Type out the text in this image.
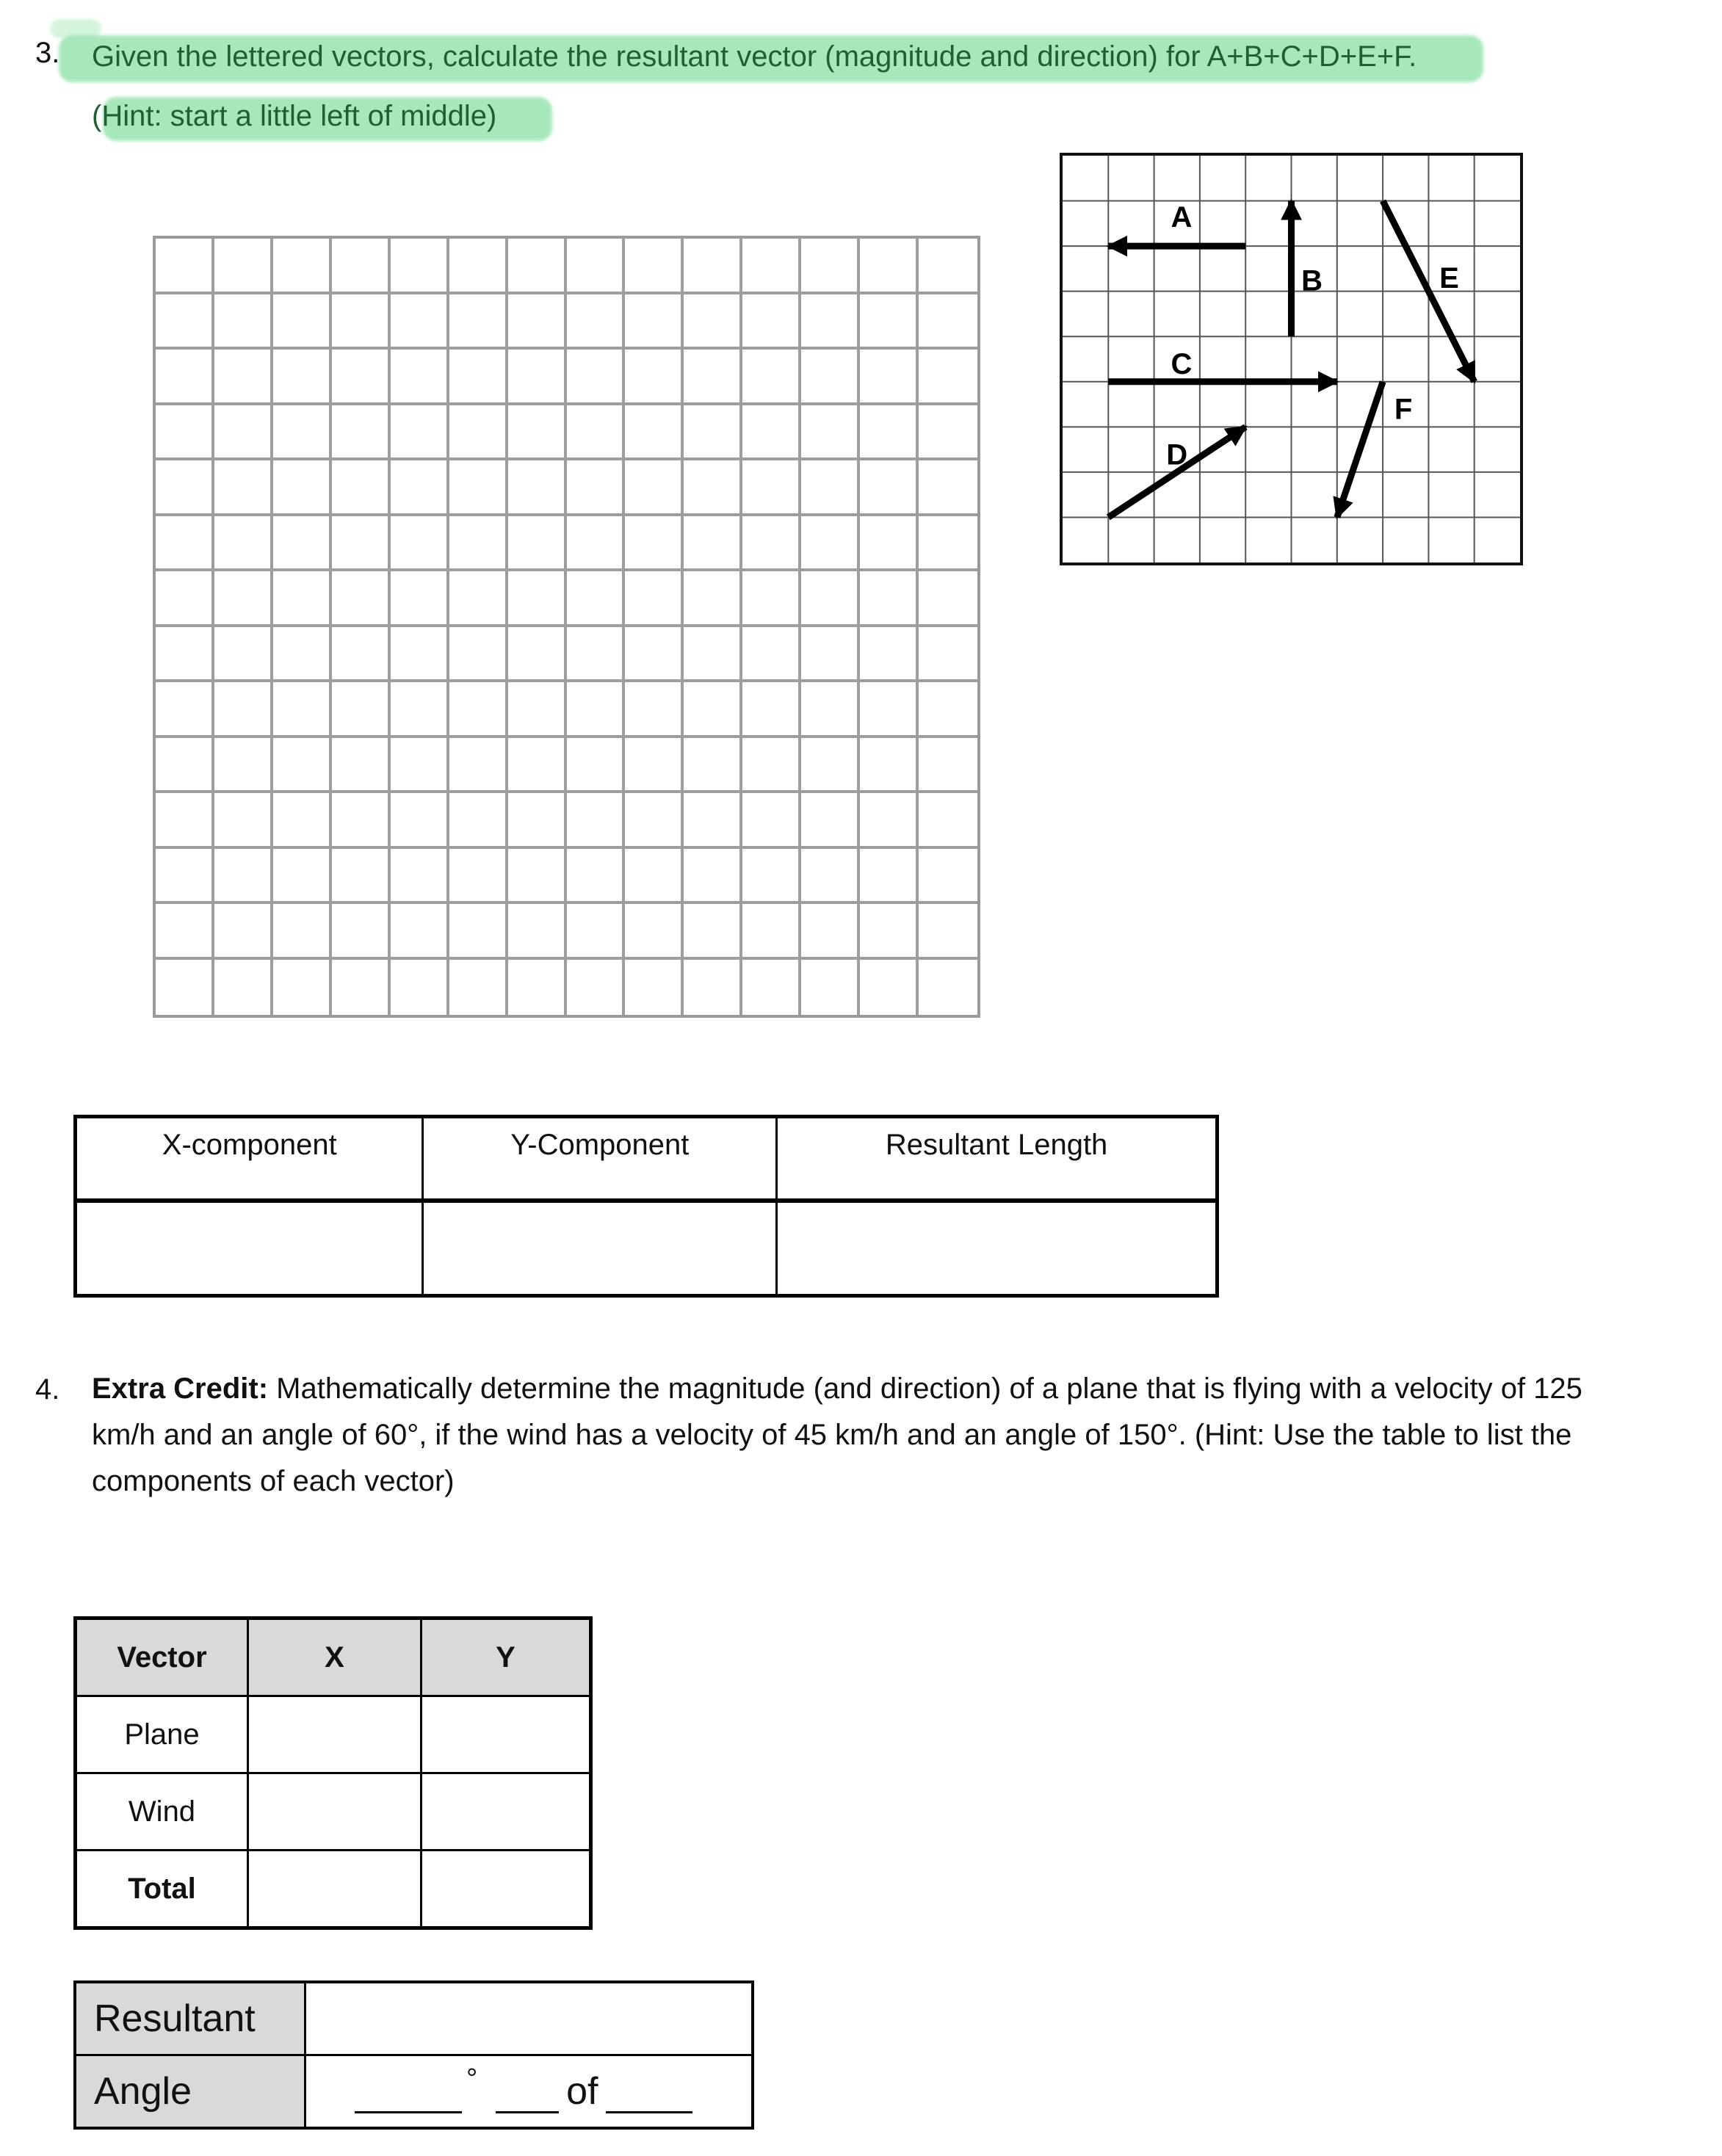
3. Given the lettered vectors, calculate the resultant vector (magnitude and direction) for A+B+C+D+E+F.
(Hint: start a little left of middle)
A
B
C
D
E
F
X-component	Y-Component	Resultant Length

4. Extra Credit: Mathematically determine the magnitude (and direction) of a plane that is flying with a velocity of 125
km/h and an angle of 60°, if the wind has a velocity of 45 km/h and an angle of 150°. (Hint: Use the table to list the
components of each vector)
Vector	X	Y
Plane		
Wind		
Total		
Resultant	
Angle	° of
